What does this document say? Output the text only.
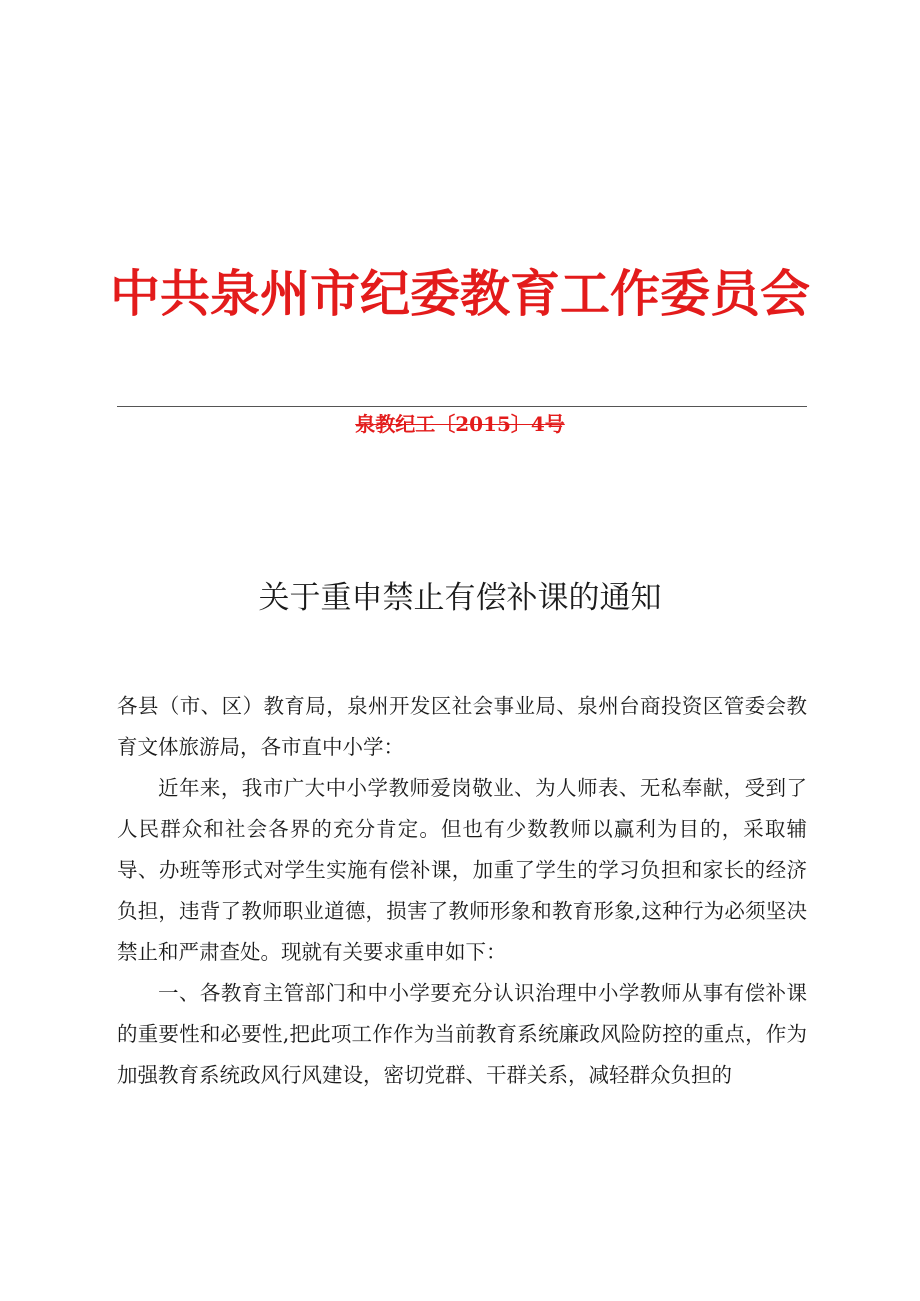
中共泉州市纪委教育工作委员会
泉教纪工〔2015〕4号
关于重申禁止有偿补课的通知

各县（市、区）教育局，泉州开发区社会事业局、泉州台商投资区管委会教育文体旅游局，各市直中小学：

近年来，我市广大中小学教师爱岗敬业、为人师表、无私奉献，受到了人民群众和社会各界的充分肯定。但也有少数教师以赢利为目的，采取辅导、办班等形式对学生实施有偿补课，加重了学生的学习负担和家长的经济负担，违背了教师职业道德，损害了教师形象和教育形象,这种行为必须坚决禁止和严肃查处。现就有关要求重申如下：

一、各教育主管部门和中小学要充分认识治理中小学教师从事有偿补课的重要性和必要性,把此项工作作为当前教育系统廉政风险防控的重点，作为加强教育系统政风行风建设，密切党群、干群关系，减轻群众负担的
